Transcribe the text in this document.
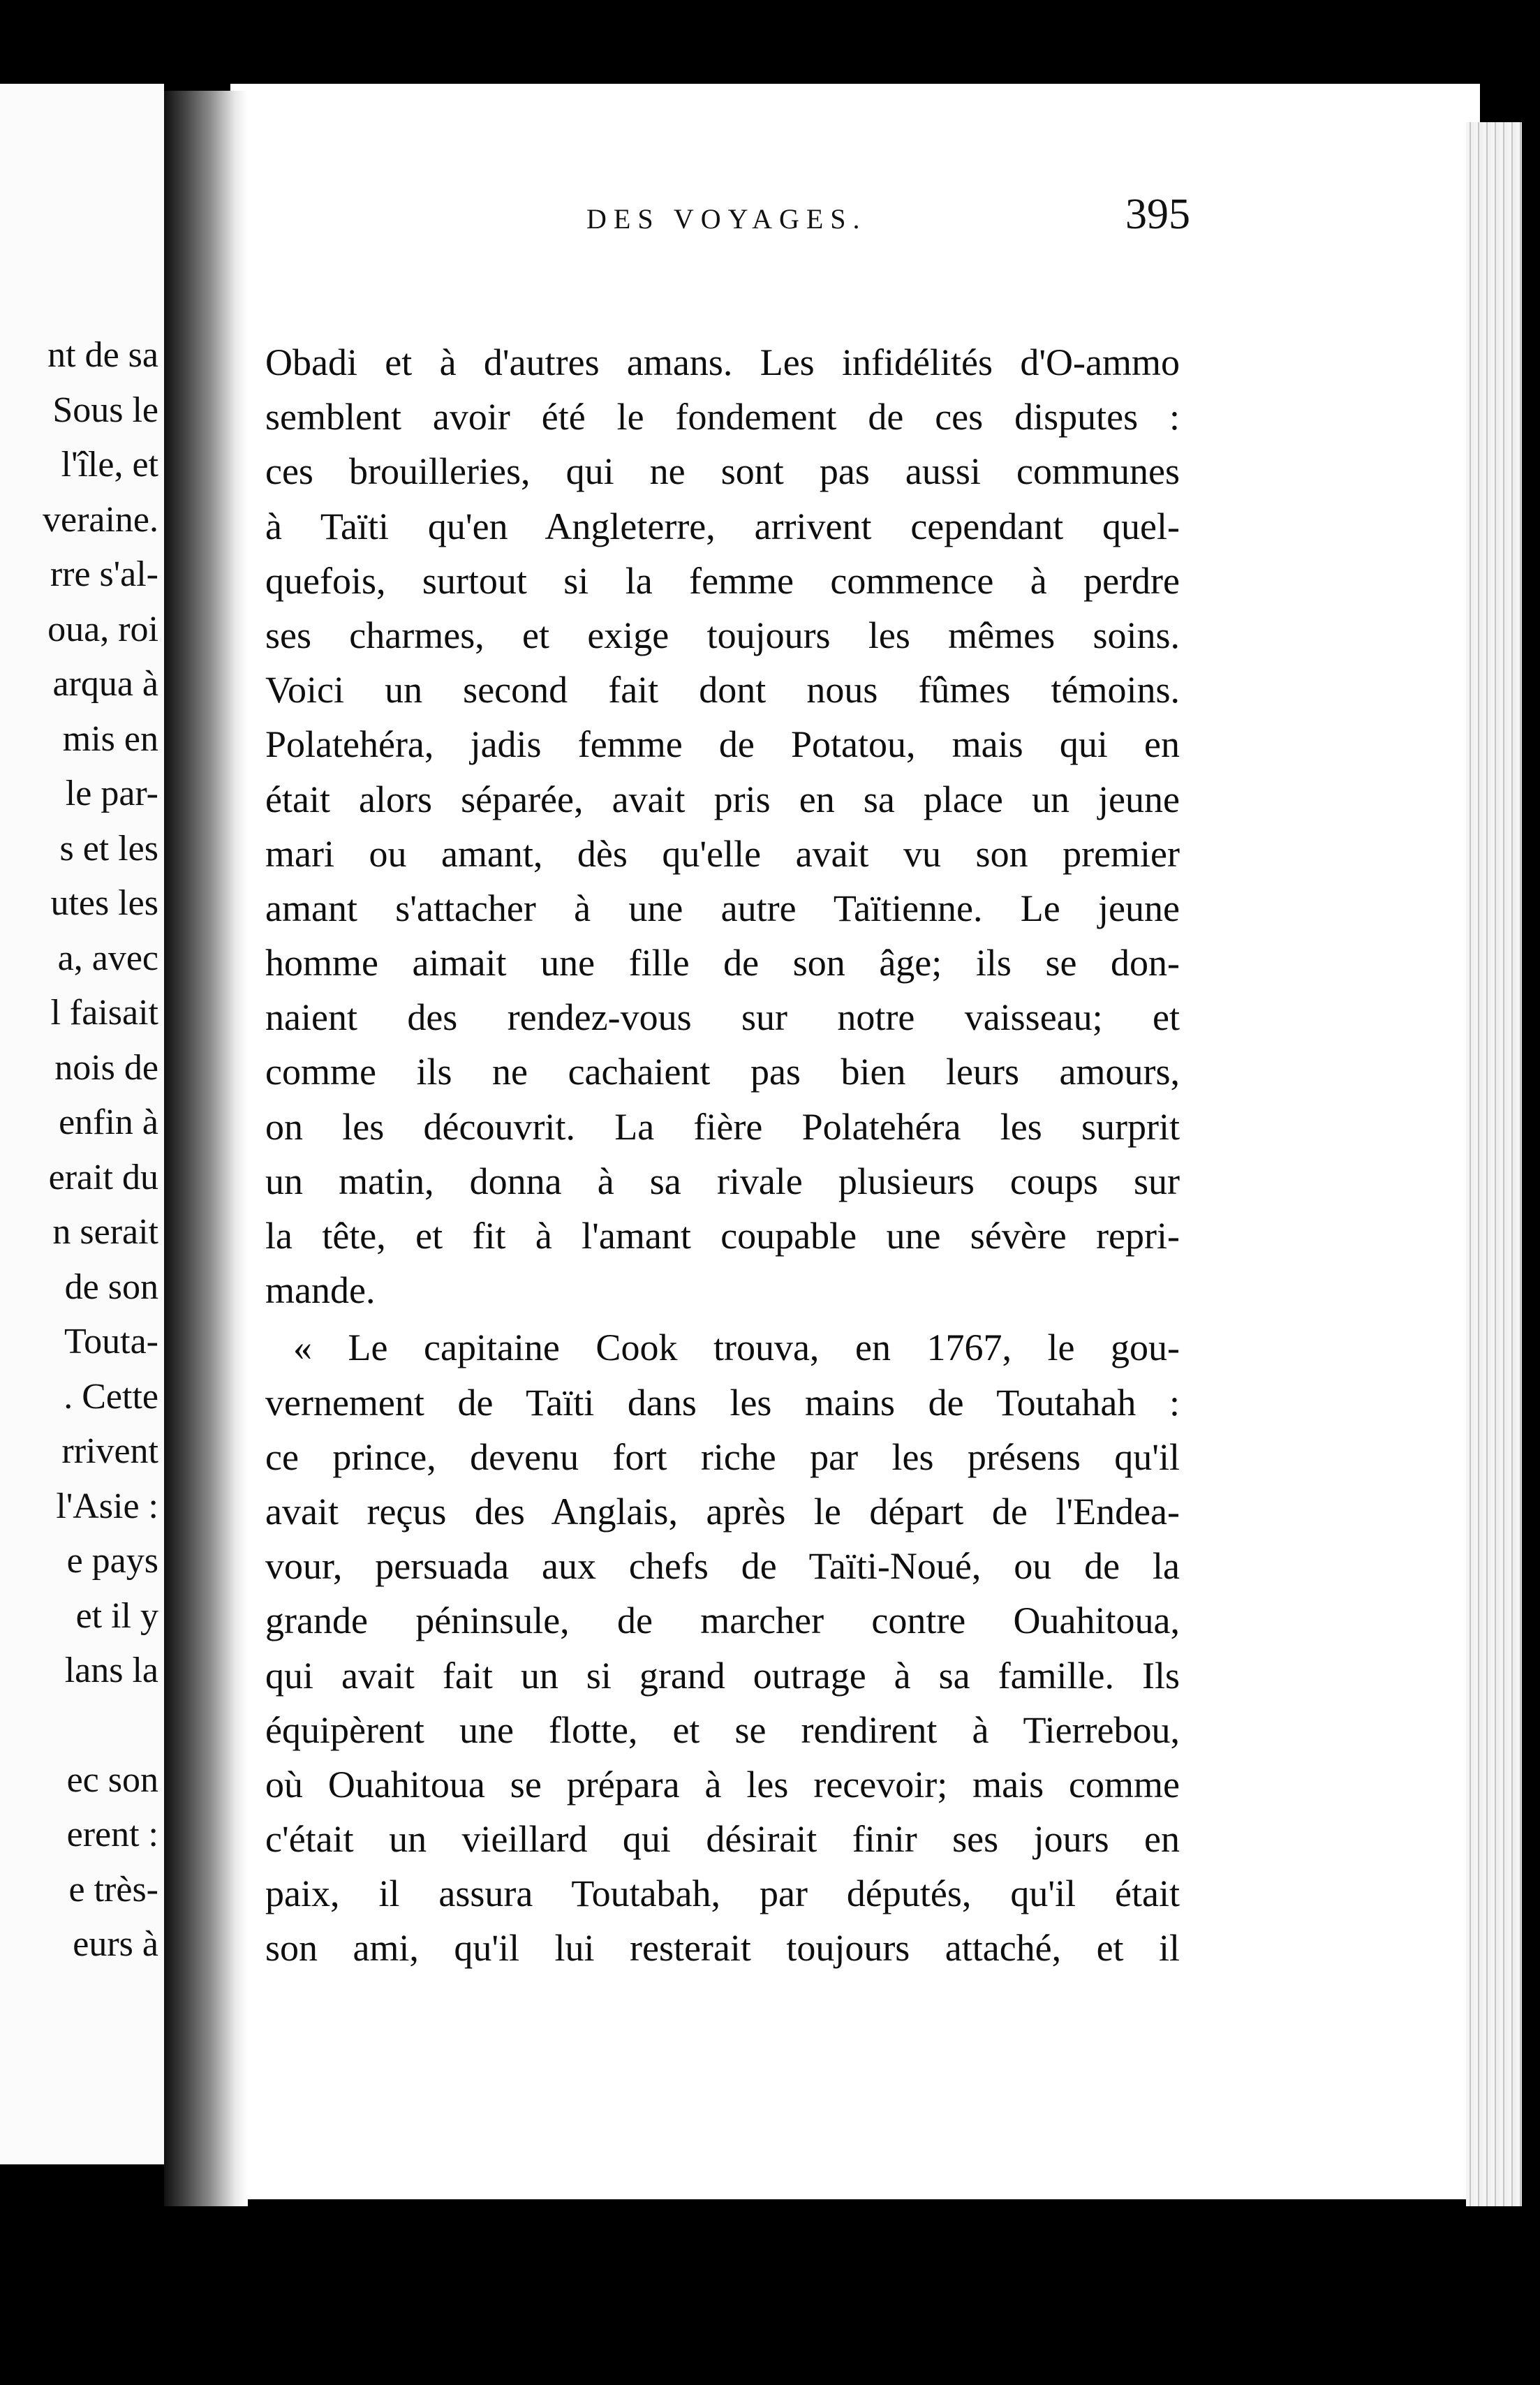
nt de sa
Sous le
l'île, et
veraine.
rre s'al-
oua, roi
arqua à
mis en
le par-
s et les
utes les
a, avec
l faisait
nois de
enfin à
erait du
n serait
de son
Touta-
. Cette
rrivent
l'Asie :
e pays
et il y
lans la
ec son
erent :
e très-
eurs à
DES VOYAGES.	395
Obadi et à d'autres amans. Les infidélités d'O-ammo
semblent avoir été le fondement de ces disputes :
ces brouilleries, qui ne sont pas aussi communes
à Taïti qu'en Angleterre, arrivent cependant quel-
quefois, surtout si la femme commence à perdre
ses charmes, et exige toujours les mêmes soins.
Voici un second fait dont nous fûmes témoins.
Polatehéra, jadis femme de Potatou, mais qui en
était alors séparée, avait pris en sa place un jeune
mari ou amant, dès qu'elle avait vu son premier
amant s'attacher à une autre Taïtienne. Le jeune
homme aimait une fille de son âge; ils se don-
naient des rendez-vous sur notre vaisseau; et
comme ils ne cachaient pas bien leurs amours,
on les découvrit. La fière Polatehéra les surprit
un matin, donna à sa rivale plusieurs coups sur
la tête, et fit à l'amant coupable une sévère repri-
mande.
« Le capitaine Cook trouva, en 1767, le gou-
vernement de Taïti dans les mains de Toutahah :
ce prince, devenu fort riche par les présens qu'il
avait reçus des Anglais, après le départ de l'Endea-
vour, persuada aux chefs de Taïti-Noué, ou de la
grande péninsule, de marcher contre Ouahitoua,
qui avait fait un si grand outrage à sa famille. Ils
équipèrent une flotte, et se rendirent à Tierrebou,
où Ouahitoua se prépara à les recevoir; mais comme
c'était un vieillard qui désirait finir ses jours en
paix, il assura Toutabah, par députés, qu'il était
son ami, qu'il lui resterait toujours attaché, et il
